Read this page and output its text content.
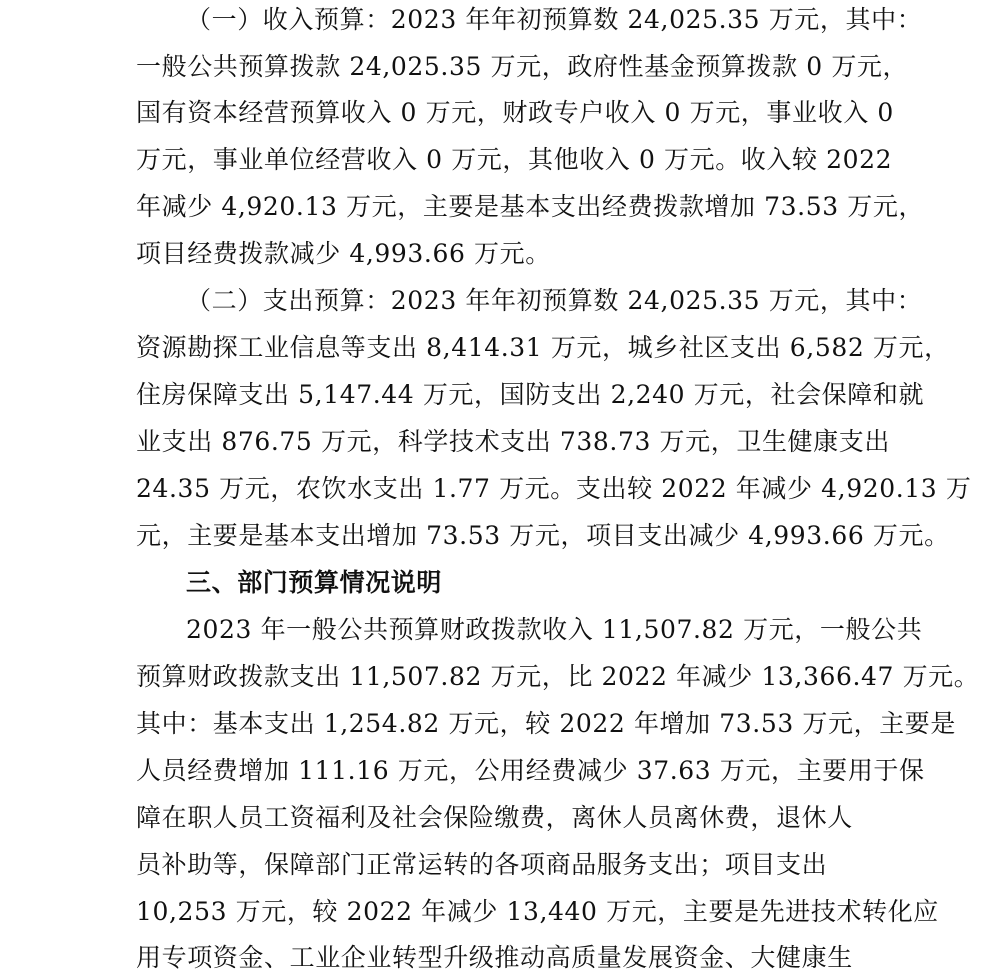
（一）收入预算：2023 年年初预算数 24,025.35 万元，其中：
一般公共预算拨款 24,025.35 万元，政府性基金预算拨款 0 万元，
国有资本经营预算收入 0 万元，财政专户收入 0 万元，事业收入 0
万元，事业单位经营收入 0 万元，其他收入 0 万元。收入较 2022
年减少 4,920.13 万元，主要是基本支出经费拨款增加 73.53 万元，
项目经费拨款减少 4,993.66 万元。
（二）支出预算：2023 年年初预算数 24,025.35 万元，其中：
资源勘探工业信息等支出 8,414.31 万元，城乡社区支出 6,582 万元，
住房保障支出 5,147.44 万元，国防支出 2,240 万元，社会保障和就
业支出 876.75 万元，科学技术支出 738.73 万元，卫生健康支出
24.35 万元，农饮水支出 1.77 万元。支出较 2022 年减少 4,920.13 万
元，主要是基本支出增加 73.53 万元，项目支出减少 4,993.66 万元。
三、部门预算情况说明
2023 年一般公共预算财政拨款收入 11,507.82 万元，一般公共
预算财政拨款支出 11,507.82 万元，比 2022 年减少 13,366.47 万元。
其中：基本支出 1,254.82 万元，较 2022 年增加 73.53 万元，主要是
人员经费增加 111.16 万元，公用经费减少 37.63 万元，主要用于保
障在职人员工资福利及社会保险缴费，离休人员离休费，退休人
员补助等，保障部门正常运转的各项商品服务支出；项目支出
10,253 万元，较 2022 年减少 13,440 万元，主要是先进技术转化应
用专项资金、工业企业转型升级推动高质量发展资金、大健康生
